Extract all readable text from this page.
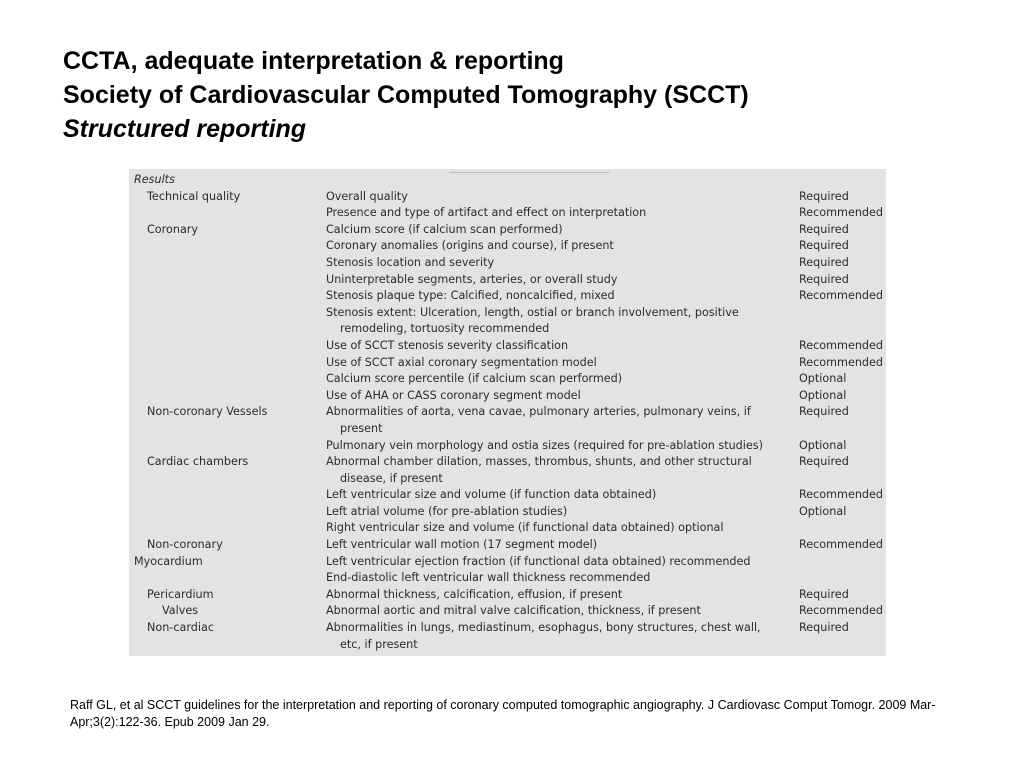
CCTA, adequate interpretation & reporting
Society of Cardiovascular Computed Tomography (SCCT)
Structured reporting
Results
Technical quality	Overall quality	Required
Presence and type of artifact and effect on interpretation	Recommended
Coronary	Calcium score (if calcium scan performed)	Required
Coronary anomalies (origins and course), if present	Required
Stenosis location and severity	Required
Uninterpretable segments, arteries, or overall study	Required
Stenosis plaque type: Calcified, noncalcified, mixed	Recommended
Stenosis extent: Ulceration, length, ostial or branch involvement, positive
remodeling, tortuosity recommended
Use of SCCT stenosis severity classification	Recommended
Use of SCCT axial coronary segmentation model	Recommended
Calcium score percentile (if calcium scan performed)	Optional
Use of AHA or CASS coronary segment model	Optional
Non-coronary Vessels	Abnormalities of aorta, vena cavae, pulmonary arteries, pulmonary veins, if	Required
present
Pulmonary vein morphology and ostia sizes (required for pre-ablation studies)	Optional
Cardiac chambers	Abnormal chamber dilation, masses, thrombus, shunts, and other structural	Required
disease, if present
Left ventricular size and volume (if function data obtained)	Recommended
Left atrial volume (for pre-ablation studies)	Optional
Right ventricular size and volume (if functional data obtained) optional
Non-coronary	Left ventricular wall motion (17 segment model)	Recommended
Myocardium	Left ventricular ejection fraction (if functional data obtained) recommended
End-diastolic left ventricular wall thickness recommended
Pericardium	Abnormal thickness, calcification, effusion, if present	Required
Valves	Abnormal aortic and mitral valve calcification, thickness, if present	Recommended
Non-cardiac	Abnormalities in lungs, mediastinum, esophagus, bony structures, chest wall,	Required
etc, if present
Raff GL, et al SCCT guidelines for the interpretation and reporting of coronary computed tomographic angiography. J Cardiovasc Comput Tomogr. 2009 Mar-Apr;3(2):122-36. Epub 2009 Jan 29.
